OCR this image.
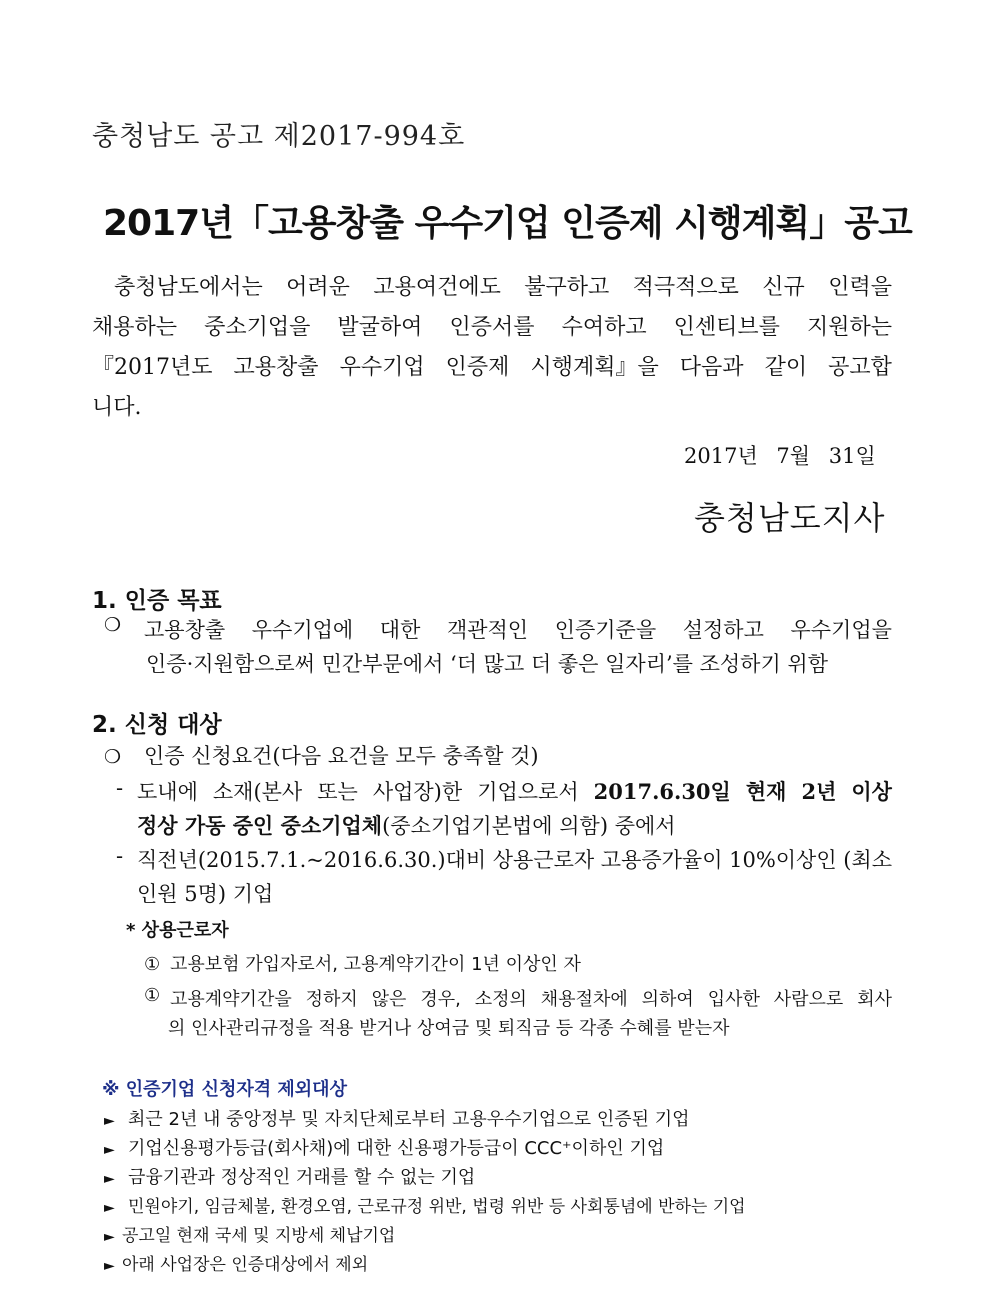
충청남도 공고 제2017-994호
2017년「고용창출 우수기업 인증제 시행계획」공고
충청남도에서는 어려운 고용여건에도 불구하고 적극적으로 신규 인력을
채용하는 중소기업을 발굴하여 인증서를 수여하고 인센티브를 지원하는
『2017년도 고용창출 우수기업 인증제 시행계획』을 다음과 같이 공고합
니다.
2017년 7월 31일
충청남도지사
1. 인증 목표
❍	고용창출 우수기업에 대한 객관적인 인증기준을 설정하고 우수기업을
인증·지원함으로써 민간부문에서 ‘더 많고 더 좋은 일자리’를 조성하기 위함
2. 신청 대상
❍ 인증 신청요건(다음 요건을 모두 충족할 것)
- 도내에 소재(본사 또는 사업장)한 기업으로서 2017.6.30일 현재 2년 이상
정상 가동 중인 중소기업체(중소기업기본법에 의함) 중에서
- 직전년(2015.7.1.~2016.6.30.)대비 상용근로자 고용증가율이 10%이상인 (최소
인원 5명) 기업
* 상용근로자
① 고용보험 가입자로서, 고용계약기간이 1년 이상인 자
① 고용계약기간을 정하지 않은 경우, 소정의 채용절차에 의하여 입사한 사람으로 회사
의 인사관리규정을 적용 받거나 상여금 및 퇴직금 등 각종 수혜를 받는자
※ 인증기업 신청자격 제외대상
► 최근 2년 내 중앙정부 및 자치단체로부터 고용우수기업으로 인증된 기업
► 기업신용평가등급(회사채)에 대한 신용평가등급이 CCC⁺이하인 기업
► 금융기관과 정상적인 거래를 할 수 없는 기업
► 민원야기, 임금체불, 환경오염, 근로규정 위반, 법령 위반 등 사회통념에 반하는 기업
► 공고일 현재 국세 및 지방세 체납기업
► 아래 사업장은 인증대상에서 제외
